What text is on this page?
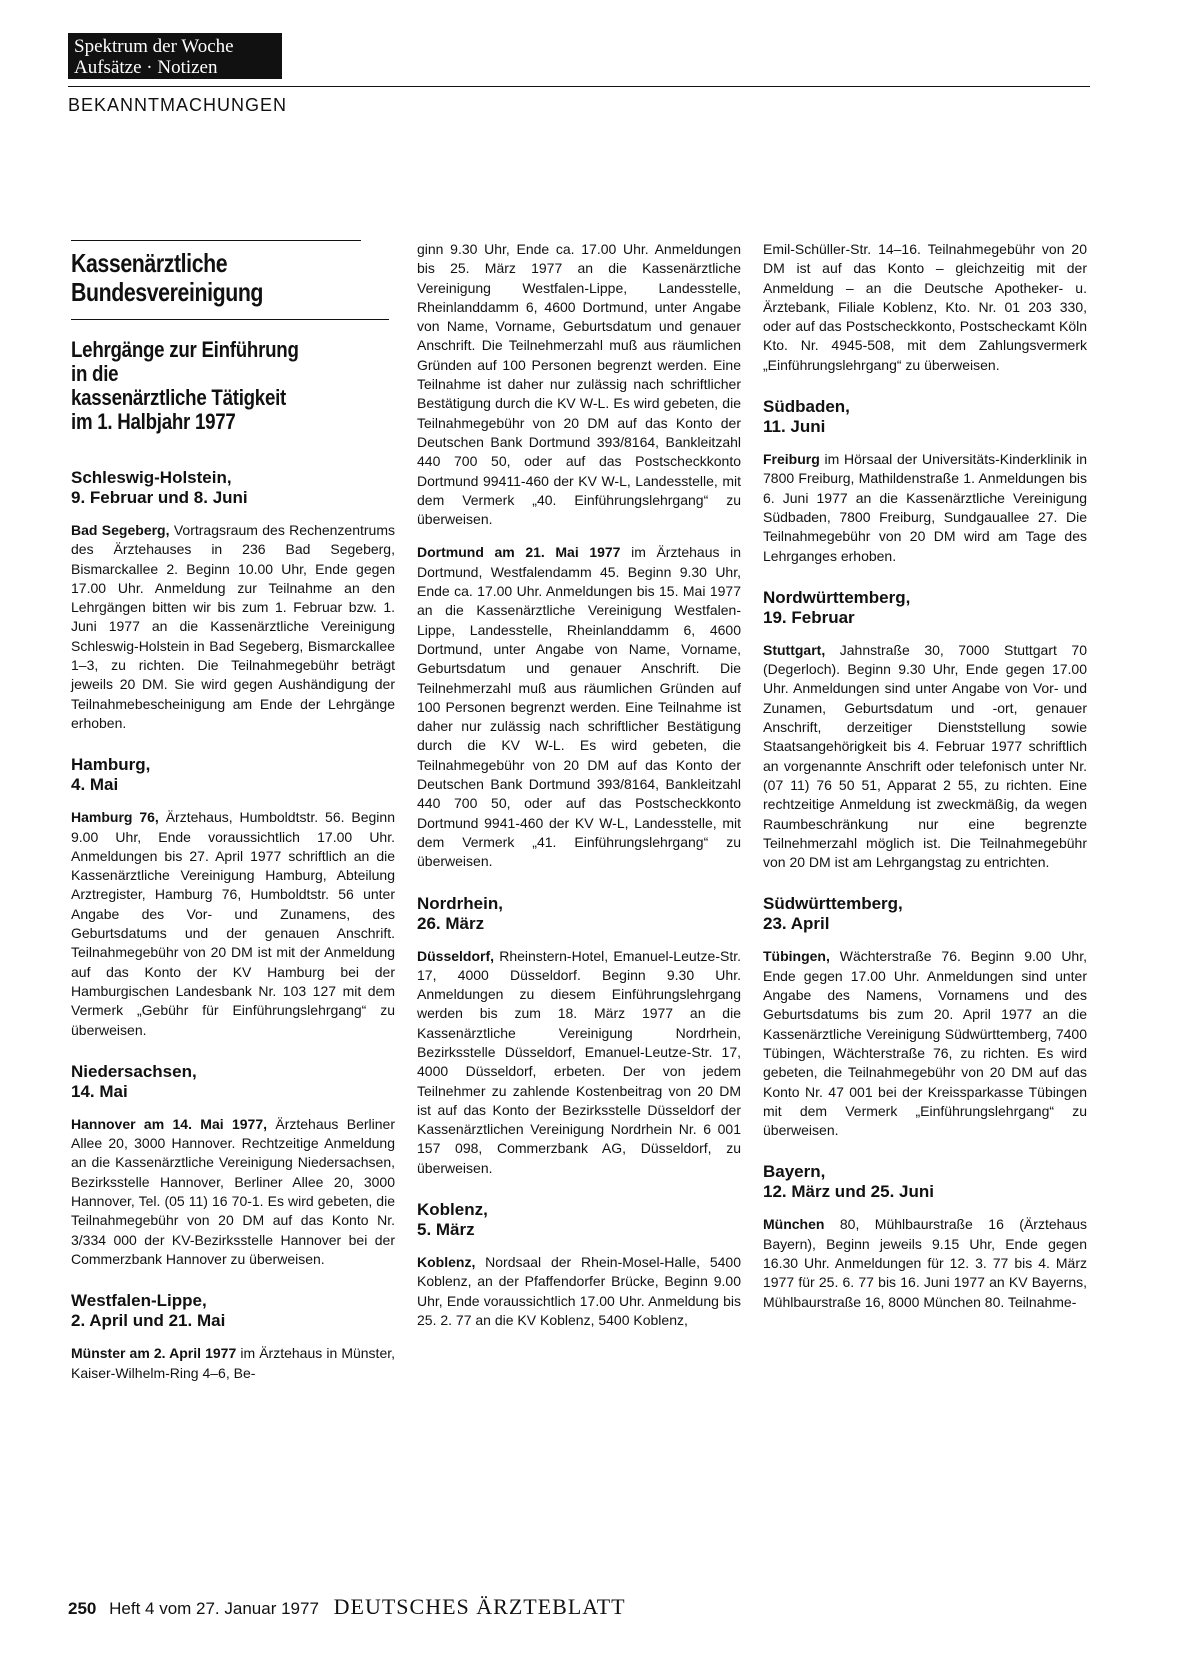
Spektrum der Woche
Aufsätze · Notizen
BEKANNTMACHUNGEN
Kassenärztliche
Bundesvereinigung
Lehrgänge zur Einführung
in die
kassenärztliche Tätigkeit
im 1. Halbjahr 1977
Schleswig-Holstein,
9. Februar und 8. Juni

Bad Segeberg, Vortragsraum des Rechenzentrums des Ärztehauses in 236 Bad Segeberg, Bismarckallee 2. Beginn 10.00 Uhr, Ende gegen 17.00 Uhr. Anmeldung zur Teilnahme an den Lehrgängen bitten wir bis zum 1. Februar bzw. 1. Juni 1977 an die Kassenärztliche Vereinigung Schleswig-Holstein in Bad Segeberg, Bismarckallee 1–3, zu richten. Die Teilnahmegebühr beträgt jeweils 20 DM. Sie wird gegen Aushändigung der Teilnahmebescheinigung am Ende der Lehrgänge erhoben.

Hamburg,
4. Mai

Hamburg 76, Ärztehaus, Humboldtstr. 56. Beginn 9.00 Uhr, Ende voraussichtlich 17.00 Uhr. Anmeldungen bis 27. April 1977 schriftlich an die Kassenärztliche Vereinigung Hamburg, Abteilung Arztregister, Hamburg 76, Humboldtstr. 56 unter Angabe des Vor- und Zunamens, des Geburtsdatums und der genauen Anschrift. Teilnahmegebühr von 20 DM ist mit der Anmeldung auf das Konto der KV Hamburg bei der Hamburgischen Landesbank Nr. 103 127 mit dem Vermerk „Gebühr für Einführungslehrgang“ zu überweisen.

Niedersachsen,
14. Mai

Hannover am 14. Mai 1977, Ärztehaus Berliner Allee 20, 3000 Hannover. Rechtzeitige Anmeldung an die Kassenärztliche Vereinigung Niedersachsen, Bezirksstelle Hannover, Berliner Allee 20, 3000 Hannover, Tel. (05 11) 16 70-1. Es wird gebeten, die Teilnahmegebühr von 20 DM auf das Konto Nr. 3/334 000 der KV-Bezirksstelle Hannover bei der Commerzbank Hannover zu überweisen.

Westfalen-Lippe,
2. April und 21. Mai

Münster am 2. April 1977 im Ärztehaus in Münster, Kaiser-Wilhelm-Ring 4–6, Be-

ginn 9.30 Uhr, Ende ca. 17.00 Uhr. Anmeldungen bis 25. März 1977 an die Kassenärztliche Vereinigung Westfalen-Lippe, Landesstelle, Rheinlanddamm 6, 4600 Dortmund, unter Angabe von Name, Vorname, Geburtsdatum und genauer Anschrift. Die Teilnehmerzahl muß aus räumlichen Gründen auf 100 Personen begrenzt werden. Eine Teilnahme ist daher nur zulässig nach schriftlicher Bestätigung durch die KV W-L. Es wird gebeten, die Teilnahmegebühr von 20 DM auf das Konto der Deutschen Bank Dortmund 393/8164, Bankleitzahl 440 700 50, oder auf das Postscheckkonto Dortmund 99411-460 der KV W-L, Landesstelle, mit dem Vermerk „40. Einführungslehrgang“ zu überweisen.

Dortmund am 21. Mai 1977 im Ärztehaus in Dortmund, Westfalendamm 45. Beginn 9.30 Uhr, Ende ca. 17.00 Uhr. Anmeldungen bis 15. Mai 1977 an die Kassenärztliche Vereinigung Westfalen-Lippe, Landesstelle, Rheinlanddamm 6, 4600 Dortmund, unter Angabe von Name, Vorname, Geburtsdatum und genauer Anschrift. Die Teilnehmerzahl muß aus räumlichen Gründen auf 100 Personen begrenzt werden. Eine Teilnahme ist daher nur zulässig nach schriftlicher Bestätigung durch die KV W-L. Es wird gebeten, die Teilnahmegebühr von 20 DM auf das Konto der Deutschen Bank Dortmund 393/8164, Bankleitzahl 440 700 50, oder auf das Postscheckkonto Dortmund 9941-460 der KV W-L, Landesstelle, mit dem Vermerk „41. Einführungslehrgang“ zu überweisen.

Nordrhein,
26. März

Düsseldorf, Rheinstern-Hotel, Emanuel-Leutze-Str. 17, 4000 Düsseldorf. Beginn 9.30 Uhr. Anmeldungen zu diesem Einführungslehrgang werden bis zum 18. März 1977 an die Kassenärztliche Vereinigung Nordrhein, Bezirksstelle Düsseldorf, Emanuel-Leutze-Str. 17, 4000 Düsseldorf, erbeten. Der von jedem Teilnehmer zu zahlende Kostenbeitrag von 20 DM ist auf das Konto der Bezirksstelle Düsseldorf der Kassenärztlichen Vereinigung Nordrhein Nr. 6 001 157 098, Commerzbank AG, Düsseldorf, zu überweisen.

Koblenz,
5. März

Koblenz, Nordsaal der Rhein-Mosel-Halle, 5400 Koblenz, an der Pfaffendorfer Brücke, Beginn 9.00 Uhr, Ende voraussichtlich 17.00 Uhr. Anmeldung bis 25. 2. 77 an die KV Koblenz, 5400 Koblenz,

Emil-Schüller-Str. 14–16. Teilnahmegebühr von 20 DM ist auf das Konto – gleichzeitig mit der Anmeldung – an die Deutsche Apotheker- u. Ärztebank, Filiale Koblenz, Kto. Nr. 01 203 330, oder auf das Postscheckkonto, Postscheckamt Köln Kto. Nr. 4945-508, mit dem Zahlungsvermerk „Einführungslehrgang“ zu überweisen.

Südbaden,
11. Juni

Freiburg im Hörsaal der Universitäts-Kinderklinik in 7800 Freiburg, Mathildenstraße 1. Anmeldungen bis 6. Juni 1977 an die Kassenärztliche Vereinigung Südbaden, 7800 Freiburg, Sundgauallee 27. Die Teilnahmegebühr von 20 DM wird am Tage des Lehrganges erhoben.

Nordwürttemberg,
19. Februar

Stuttgart, Jahnstraße 30, 7000 Stuttgart 70 (Degerloch). Beginn 9.30 Uhr, Ende gegen 17.00 Uhr. Anmeldungen sind unter Angabe von Vor- und Zunamen, Geburtsdatum und -ort, genauer Anschrift, derzeitiger Dienststellung sowie Staatsangehörigkeit bis 4. Februar 1977 schriftlich an vorgenannte Anschrift oder telefonisch unter Nr. (07 11) 76 50 51, Apparat 2 55, zu richten. Eine rechtzeitige Anmeldung ist zweckmäßig, da wegen Raumbeschränkung nur eine begrenzte Teilnehmerzahl möglich ist. Die Teilnahmegebühr von 20 DM ist am Lehrgangstag zu entrichten.

Südwürttemberg,
23. April

Tübingen, Wächterstraße 76. Beginn 9.00 Uhr, Ende gegen 17.00 Uhr. Anmeldungen sind unter Angabe des Namens, Vornamens und des Geburtsdatums bis zum 20. April 1977 an die Kassenärztliche Vereinigung Südwürttemberg, 7400 Tübingen, Wächterstraße 76, zu richten. Es wird gebeten, die Teilnahmegebühr von 20 DM auf das Konto Nr. 47 001 bei der Kreissparkasse Tübingen mit dem Vermerk „Einführungslehrgang“ zu überweisen.

Bayern,
12. März und 25. Juni

München 80, Mühlbaurstraße 16 (Ärztehaus Bayern), Beginn jeweils 9.15 Uhr, Ende gegen 16.30 Uhr. Anmeldungen für 12. 3. 77 bis 4. März 1977 für 25. 6. 77 bis 16. Juni 1977 an KV Bayerns, Mühlbaurstraße 16, 8000 München 80. Teilnahme-

250 Heft 4 vom 27. Januar 1977 DEUTSCHES ÄRZTEBLATT
